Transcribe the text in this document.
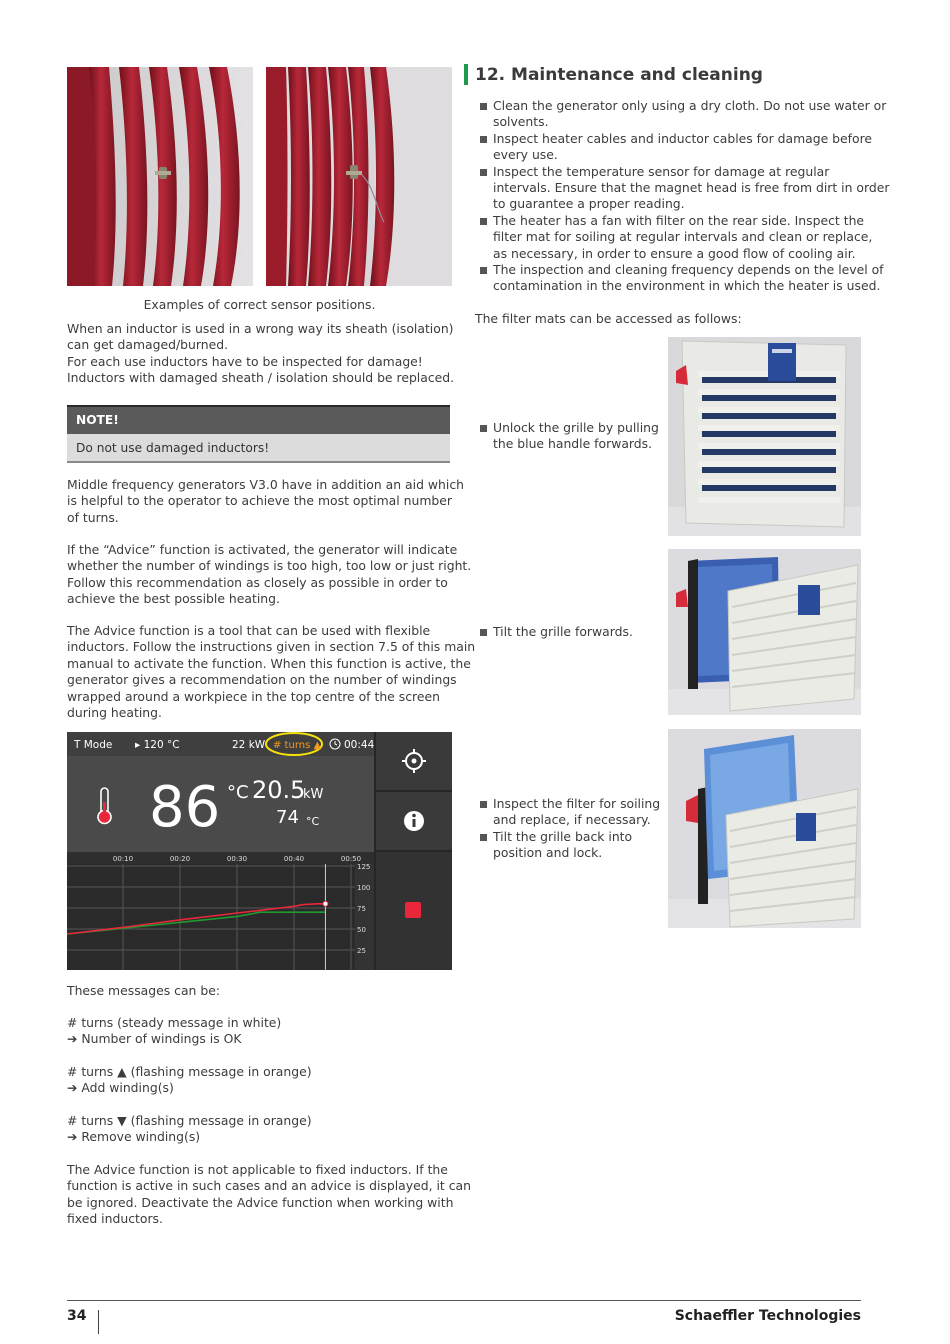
Examples of correct sensor positions.
When an inductor is used in a wrong way its sheath (isolation)
can get damaged/burned.
For each use inductors have to be inspected for damage!
Inductors with damaged sheath / isolation should be replaced.
NOTE!
Do not use damaged inductors!
Middle frequency generators V3.0 have in addition an aid which
is helpful to the operator to achieve the most optimal number
of turns.
If the “Advice” function is activated, the generator will indicate
whether the number of windings is too high, too low or just right.
Follow this recommendation as closely as possible in order to
achieve the best possible heating.
The Advice function is a tool that can be used with flexible
inductors. Follow the instructions given in section 7.5 of this main
manual to activate the function. When this function is active, the
generator gives a recommendation on the number of windings
wrapped around a workpiece in the top centre of the screen
during heating.
T Mode ▸ 120 °C	22 kW # turns ▲ 00:44
86 °C 20.5
kW
74 °C
00:10	00:20	00:30	00:40	00:50
125
100
75
50
25
These messages can be:
# turns (steady message in white)
➔ Number of windings is OK
# turns ▲ (flashing message in orange)
➔ Add winding(s)
# turns ▼ (flashing message in orange)
➔ Remove winding(s)
The Advice function is not applicable to fixed inductors. If the
function is active in such cases and an advice is displayed, it can
be ignored. Deactivate the Advice function when working with
fixed inductors.
12. Maintenance and cleaning
Clean the generator only using a dry cloth. Do not use water or
solvents.
Inspect heater cables and inductor cables for damage before
every use.
Inspect the temperature sensor for damage at regular
intervals. Ensure that the magnet head is free from dirt in order
to guarantee a proper reading.
The heater has a fan with filter on the rear side. Inspect the
filter mat for soiling at regular intervals and clean or replace,
as necessary, in order to ensure a good flow of cooling air.
The inspection and cleaning frequency depends on the level of
contamination in the environment in which the heater is used.
The filter mats can be accessed as follows:
Unlock the grille by pulling
the blue handle forwards.
Tilt the grille forwards.
Inspect the filter for soiling
and replace, if necessary.
Tilt the grille back into
position and lock.
34	Schaeffler Technologies
